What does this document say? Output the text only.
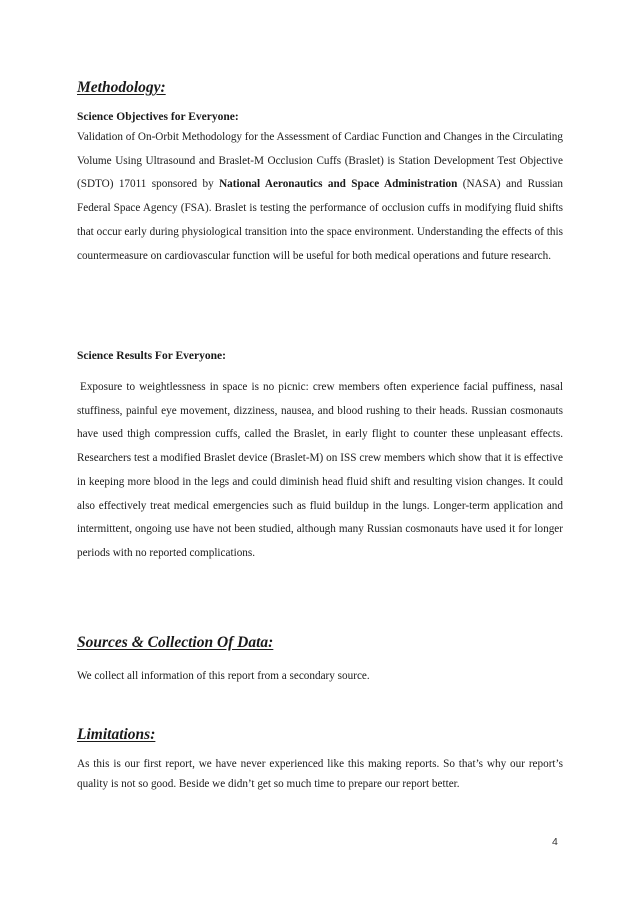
Methodology:

Science Objectives for Everyone:

Validation of On-Orbit Methodology for the Assessment of Cardiac Function and Changes in the Circulating Volume Using Ultrasound and Braslet-M Occlusion Cuffs (Braslet) is Station Development Test Objective (SDTO) 17011 sponsored by National Aeronautics and Space Administration (NASA) and Russian Federal Space Agency (FSA). Braslet is testing the performance of occlusion cuffs in modifying fluid shifts that occur early during physiological transition into the space environment. Understanding the effects of this countermeasure on cardiovascular function will be useful for both medical operations and future research.

Science Results For Everyone:

Exposure to weightlessness in space is no picnic: crew members often experience facial puffiness, nasal stuffiness, painful eye movement, dizziness, nausea, and blood rushing to their heads. Russian cosmonauts have used thigh compression cuffs, called the Braslet, in early flight to counter these unpleasant effects. Researchers test a modified Braslet device (Braslet-M) on ISS crew members which show that it is effective in keeping more blood in the legs and could diminish head fluid shift and resulting vision changes. It could also effectively treat medical emergencies such as fluid buildup in the lungs. Longer-term application and intermittent, ongoing use have not been studied, although many Russian cosmonauts have used it for longer periods with no reported complications.

Sources & Collection Of Data:

We collect all information of this report from a secondary source.

Limitations:

As this is our first report, we have never experienced like this making reports. So that’s why our report’s quality is not so good. Beside we didn’t get so much time to prepare our report better.

4
